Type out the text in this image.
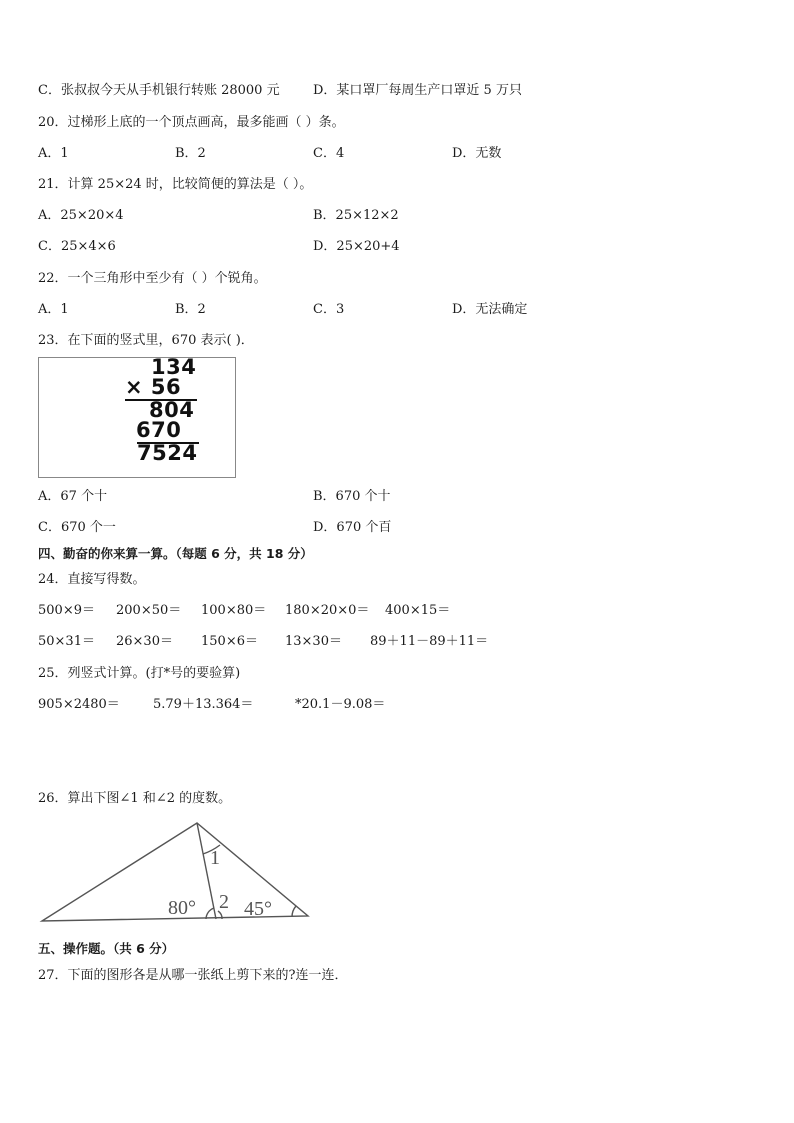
C．张叔叔今天从手机银行转账 28000 元	D．某口罩厂每周生产口罩近 5 万只
20．过梯形上底的一个顶点画高，最多能画（ ）条。
A．1	B．2	C．4	D．无数
21．计算 25×24 时，比较简便的算法是（ ）。
A．25×20×4	B．25×12×2
C．25×4×6	D．25×20+4
22．一个三角形中至少有（ ）个锐角。
A．1	B．2	C．3	D．无法确定
23．在下面的竖式里，670 表示( )．
134
× 56
804
670
7524
A．67 个十	B．670 个十
C．670 个一	D．670 个百
四、勤奋的你来算一算。（每题 6 分，共 18 分）
24．直接写得数。
500×9＝ 200×50＝ 100×80＝ 180×20×0＝ 400×15＝
50×31＝ 26×30＝ 150×6＝ 13×30＝ 89＋11－89＋11＝
25．列竖式计算。(打*号的要验算)
905×2480＝	5.79＋13.364＝	*20.1－9.08＝
26．算出下图∠1 和∠2 的度数。
1
2
80° 45°
五、操作题。（共 6 分）
27．下面的图形各是从哪一张纸上剪下来的?连一连．
